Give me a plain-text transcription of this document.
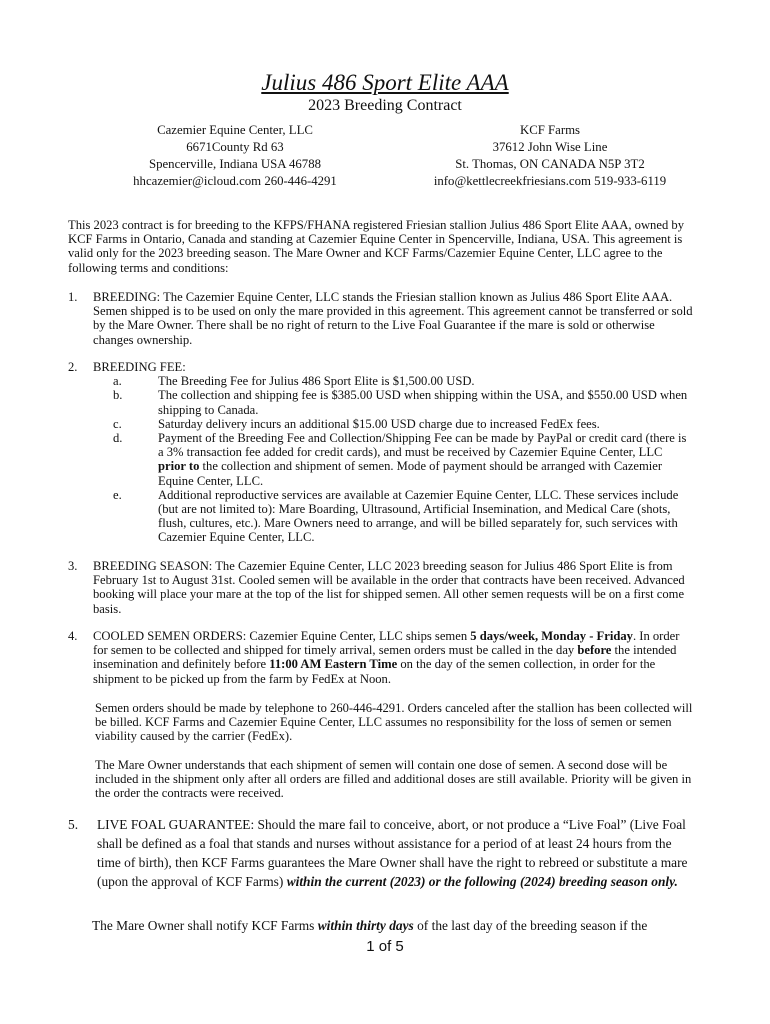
Julius 486 Sport Elite AAA
2023 Breeding Contract
Cazemier Equine Center, LLC
6671County Rd 63
Spencerville, Indiana USA 46788
hhcazemier@icloud.com 260-446-4291
KCF Farms
37612 John Wise Line
St. Thomas, ON CANADA N5P 3T2
info@kettlecreekfriesians.com 519-933-6119
This 2023 contract is for breeding to the KFPS/FHANA registered Friesian stallion Julius 486 Sport Elite AAA, owned by KCF Farms in Ontario, Canada and standing at Cazemier Equine Center in Spencerville, Indiana, USA. This agreement is valid only for the 2023 breeding season. The Mare Owner and KCF Farms/Cazemier Equine Center, LLC agree to the following terms and conditions:
1.	BREEDING: The Cazemier Equine Center, LLC stands the Friesian stallion known as Julius 486 Sport Elite AAA. Semen shipped is to be used on only the mare provided in this agreement. This agreement cannot be transferred or sold by the Mare Owner. There shall be no right of return to the Live Foal Guarantee if the mare is sold or otherwise changes ownership.
2.	BREEDING FEE:
a.	The Breeding Fee for Julius 486 Sport Elite is $1,500.00 USD.
b.	The collection and shipping fee is $385.00 USD when shipping within the USA, and $550.00 USD when shipping to Canada.
c.	Saturday delivery incurs an additional $15.00 USD charge due to increased FedEx fees.
d.	Payment of the Breeding Fee and Collection/Shipping Fee can be made by PayPal or credit card (there is a 3% transaction fee added for credit cards), and must be received by Cazemier Equine Center, LLC prior to the collection and shipment of semen. Mode of payment should be arranged with Cazemier Equine Center, LLC.
e.	Additional reproductive services are available at Cazemier Equine Center, LLC. These services include (but are not limited to): Mare Boarding, Ultrasound, Artificial Insemination, and Medical Care (shots, flush, cultures, etc.). Mare Owners need to arrange, and will be billed separately for, such services with Cazemier Equine Center, LLC.
3.	BREEDING SEASON: The Cazemier Equine Center, LLC 2023 breeding season for Julius 486 Sport Elite is from February 1st to August 31st. Cooled semen will be available in the order that contracts have been received. Advanced booking will place your mare at the top of the list for shipped semen. All other semen requests will be on a first come basis.
4.	COOLED SEMEN ORDERS: Cazemier Equine Center, LLC ships semen 5 days/week, Monday - Friday. In order for semen to be collected and shipped for timely arrival, semen orders must be called in the day before the intended insemination and definitely before 11:00 AM Eastern Time on the day of the semen collection, in order for the shipment to be picked up from the farm by FedEx at Noon.
Semen orders should be made by telephone to 260-446-4291. Orders canceled after the stallion has been collected will be billed. KCF Farms and Cazemier Equine Center, LLC assumes no responsibility for the loss of semen or semen viability caused by the carrier (FedEx).
The Mare Owner understands that each shipment of semen will contain one dose of semen. A second dose will be included in the shipment only after all orders are filled and additional doses are still available. Priority will be given in the order the contracts were received.
5.	LIVE FOAL GUARANTEE: Should the mare fail to conceive, abort, or not produce a “Live Foal” (Live Foal shall be defined as a foal that stands and nurses without assistance for a period of at least 24 hours from the time of birth), then KCF Farms guarantees the Mare Owner shall have the right to rebreed or substitute a mare (upon the approval of KCF Farms) within the current (2023) or the following (2024) breeding season only.
The Mare Owner shall notify KCF Farms within thirty days of the last day of the breeding season if the
1 of 5
